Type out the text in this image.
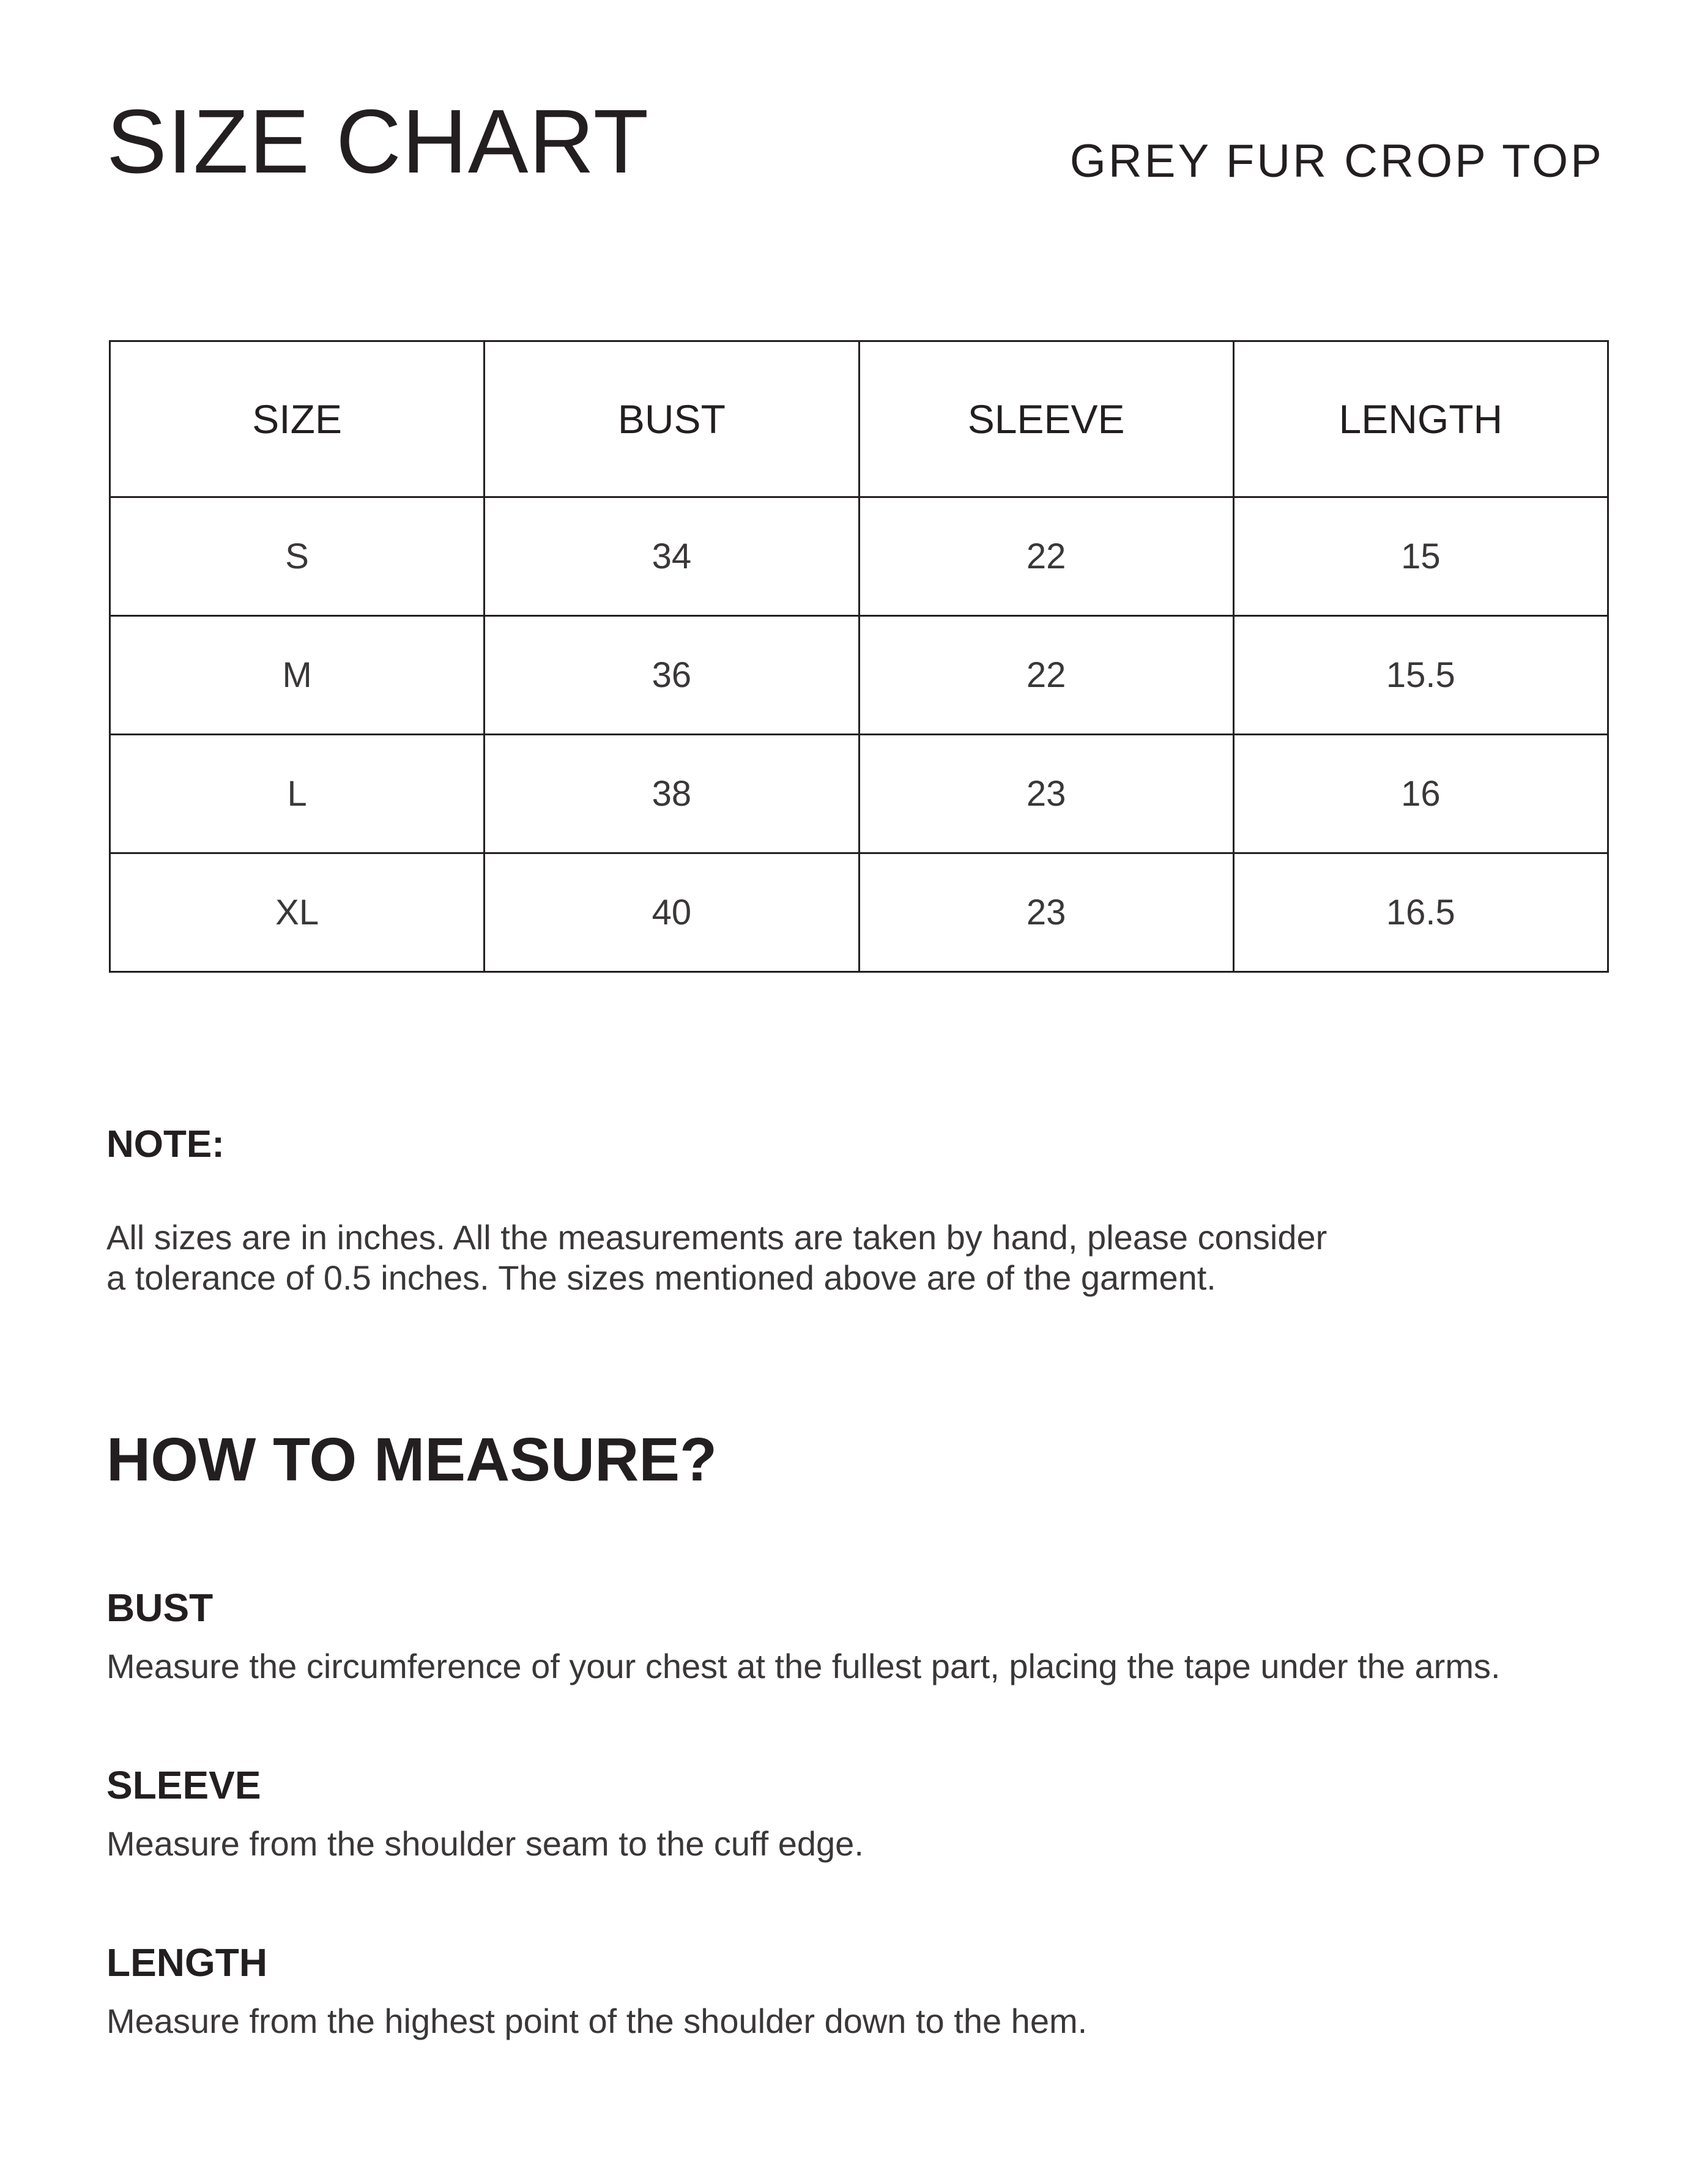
SIZE CHART	GREY FUR CROP TOP
SIZE	BUST	SLEEVE	LENGTH
S	34	22	15
M	36	22	15.5
L	38	23	16
XL	40	23	16.5
NOTE:
All sizes are in inches. All the measurements are taken by hand, please consider
a tolerance of 0.5 inches. The sizes mentioned above are of the garment.
HOW TO MEASURE?
BUST

Measure the circumference of your chest at the fullest part, placing the tape under the arms.

SLEEVE

Measure from the shoulder seam to the cuff edge.

LENGTH

Measure from the highest point of the shoulder down to the hem.
